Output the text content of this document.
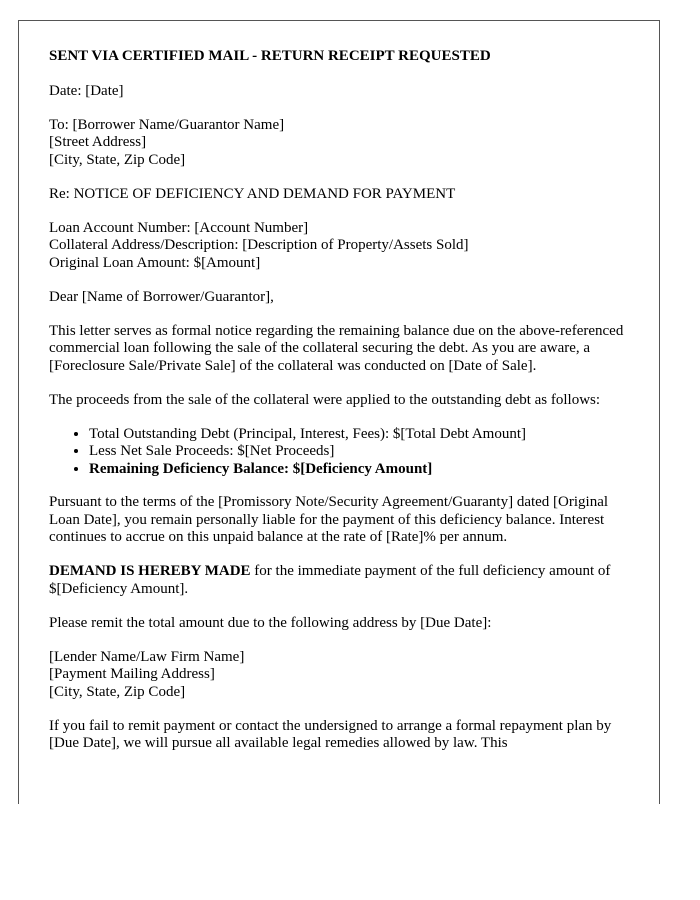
SENT VIA CERTIFIED MAIL - RETURN RECEIPT REQUESTED

Date: [Date]

To: [Borrower Name/Guarantor Name]
[Street Address]
[City, State, Zip Code]

Re: NOTICE OF DEFICIENCY AND DEMAND FOR PAYMENT

Loan Account Number: [Account Number]
Collateral Address/Description: [Description of Property/Assets Sold]
Original Loan Amount: $[Amount]

Dear [Name of Borrower/Guarantor],

This letter serves as formal notice regarding the remaining balance due on the above-referenced commercial loan following the sale of the collateral securing the debt. As you are aware, a [Foreclosure Sale/Private Sale] of the collateral was conducted on [Date of Sale].

The proceeds from the sale of the collateral were applied to the outstanding debt as follows:

• Total Outstanding Debt (Principal, Interest, Fees): $[Total Debt Amount]
• Less Net Sale Proceeds: $[Net Proceeds]
• Remaining Deficiency Balance: $[Deficiency Amount]

Pursuant to the terms of the [Promissory Note/Security Agreement/Guaranty] dated [Original Loan Date], you remain personally liable for the payment of this deficiency balance. Interest continues to accrue on this unpaid balance at the rate of [Rate]% per annum.

DEMAND IS HEREBY MADE for the immediate payment of the full deficiency amount of $[Deficiency Amount].

Please remit the total amount due to the following address by [Due Date]:

[Lender Name/Law Firm Name]
[Payment Mailing Address]
[City, State, Zip Code]

If you fail to remit payment or contact the undersigned to arrange a formal repayment plan by [Due Date], we will pursue all available legal remedies allowed by law. This
